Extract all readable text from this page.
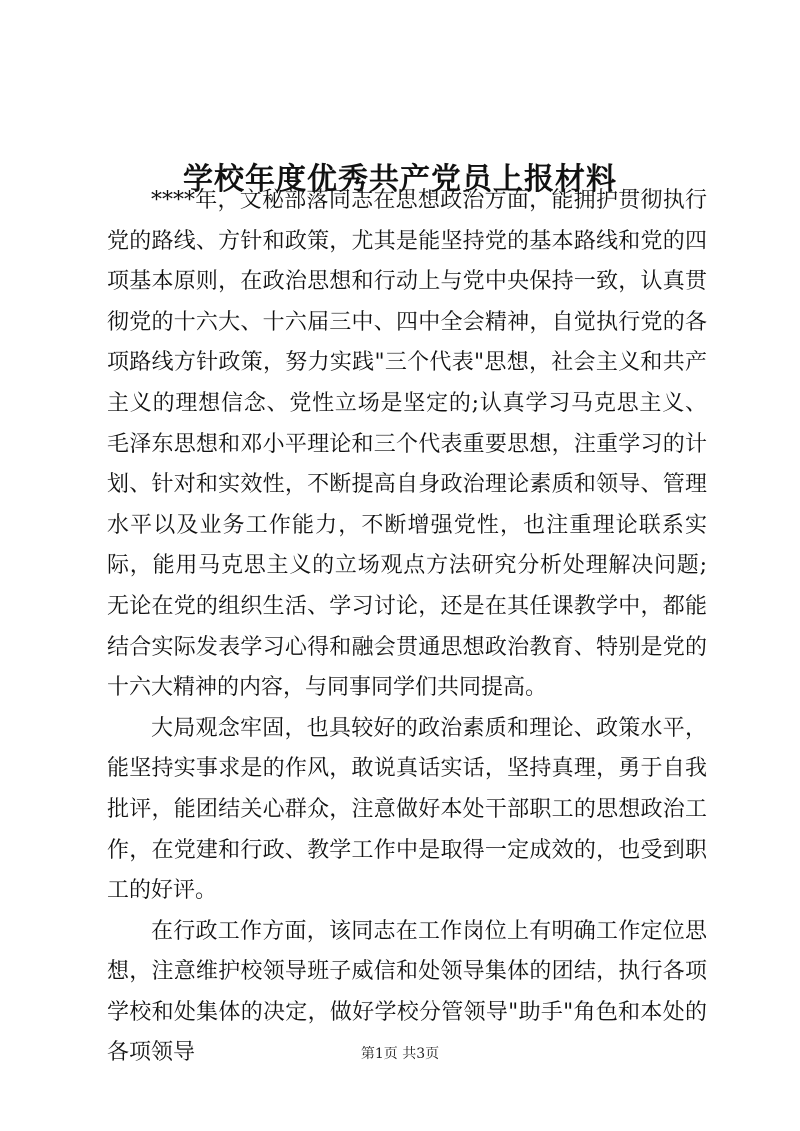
学校年度优秀共产党员上报材料

****年，文秘部落同志在思想政治方面，能拥护贯彻执行党的路线、方针和政策，尤其是能坚持党的基本路线和党的四项基本原则，在政治思想和行动上与党中央保持一致，认真贯彻党的十六大、十六届三中、四中全会精神，自觉执行党的各项路线方针政策，努力实践"三个代表"思想，社会主义和共产主义的理想信念、党性立场是坚定的;认真学习马克思主义、毛泽东思想和邓小平理论和三个代表重要思想，注重学习的计划、针对和实效性，不断提高自身政治理论素质和领导、管理水平以及业务工作能力，不断增强党性，也注重理论联系实际，能用马克思主义的立场观点方法研究分析处理解决问题;无论在党的组织生活、学习讨论，还是在其任课教学中，都能结合实际发表学习心得和融会贯通思想政治教育、特别是党的十六大精神的内容，与同事同学们共同提高。

大局观念牢固，也具较好的政治素质和理论、政策水平，能坚持实事求是的作风，敢说真话实话，坚持真理，勇于自我批评，能团结关心群众，注意做好本处干部职工的思想政治工作，在党建和行政、教学工作中是取得一定成效的，也受到职工的好评。

在行政工作方面，该同志在工作岗位上有明确工作定位思想，注意维护校领导班子威信和处领导集体的团结，执行各项学校和处集体的决定，做好学校分管领导"助手"角色和本处的各项领导	第1页 共3页
